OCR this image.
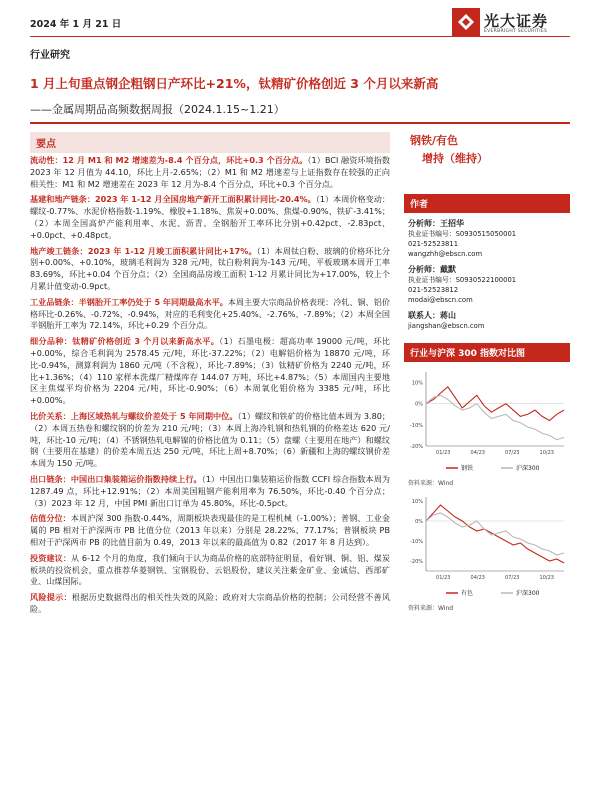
2024 年 1 月 21 日	光大证券
EVERBRIGHT SECURITIES
行业研究
1 月上旬重点钢企粗钢日产环比+21%，钛精矿价格创近 3 个月以来新高
——金属周期品高频数据周报（2024.1.15~1.21）
要点
流动性：12 月 M1 和 M2 增速差为-8.4 个百分点，环比+0.3 个百分点。（1）BCI 融资环境指数 2023 年 12 月值为 44.10，环比上月-2.65%；（2）M1 和 M2 增速差与上证指数存在较强的正向相关性：M1 和 M2 增速差在 2023 年 12 月为-8.4 个百分点，环比+0.3 个百分点。
基建和地产链条：2023 年 1-12 月全国房地产新开工面积累计同比-20.4%。（1）本周价格变动：螺纹-0.77%、水泥价格指数-1.19%、橡胶+1.18%、焦炭+0.00%、焦煤-0.90%、铁矿-3.41%；（2）本周全国高炉产能利用率、水泥、沥青、全钢胎开工率环比分别+0.42pct、-2.83pct、+0.0pct、+0.48pct。
地产竣工链条：2023 年 1-12 月竣工面积累计同比+17%。（1）本周钛白粉、玻璃的价格环比分别+0.00%、+0.10%，玻璃毛利润为 328 元/吨，钛白粉利润为-143 元/吨，平板玻璃本周开工率 83.69%，环比+0.04 个百分点；（2）全国商品房竣工面积 1-12 月累计同比为+17.00%，较上个月累计值变动-0.9pct。
工业品链条：半钢胎开工率仍处于 5 年同期最高水平。本周主要大宗商品价格表现：冷轧、铜、铝价格环比-0.26%、-0.72%、-0.94%，对应的毛利变化+25.40%、-2.76%、-7.89%；（2）本周全国半钢胎开工率为 72.14%，环比+0.29 个百分点。
细分品种：钛精矿价格创近 3 个月以来新高水平。（1）石墨电极：超高功率 19000 元/吨，环比+0.00%，综合毛利润为 2578.45 元/吨，环比-37.22%；（2）电解铝价格为 18870 元/吨，环比-0.94%，测算利润为 1860 元/吨（不含税），环比-7.89%；（3）钛精矿价格为 2240 元/吨，环比+1.36%；（4）110 家样本洗煤厂精煤库存 144.07 万吨，环比+4.87%；（5）本周国内主要地区主焦煤平均价格为 2204 元/吨，环比-0.90%；（6）本周氧化钼价格为 3385 元/吨，环比+0.00%。
比价关系：上海区域热轧与螺纹价差处于 5 年同期中位。（1）螺纹和铁矿的价格比值本周为 3.80；（2）本周五热卷和螺纹钢的价差为 210 元/吨；（3）本周上海冷轧钢和热轧钢的价格差达 620 元/吨，环比-10 元/吨；（4）不锈钢热轧电解镍的价格比值为 0.11；（5）盘螺（主要用在地产）和螺纹钢（主要用在基建）的价差本周五达 250 元/吨，环比上周+8.70%；（6）新疆和上海的螺纹钢价差本周为 150 元/吨。
出口链条：中国出口集装箱运价指数持续上行。（1）中国出口集装箱运价指数 CCFI 综合指数本周为 1287.49 点，环比+12.91%；（2）本周美国粗钢产能利用率为 76.50%，环比-0.40 个百分点；（3）2023 年 12 月，中国 PMI 新出口订单为 45.80%，环比-0.5pct。
估值分位：本周沪深 300 指数-0.44%，周期板块表现最佳的是工程机械（-1.00%）；普钢、工业金属的 PB 相对于沪深两市 PB 比值分位（2013 年以来）分别是 28.22%、77.17%；普钢板块 PB 相对于沪深两市 PB 的比值目前为 0.49，2013 年以来的最高值为 0.82（2017 年 8 月达到）。
投资建议：从 6-12 个月的角度，我们倾向于认为商品价格的底部特征明显，看好钢、铜、铝、煤炭板块的投资机会，重点推荐华菱钢铁、宝钢股份、云铝股份，建议关注紫金矿业、金诚信、西部矿业、山煤国际。
风险提示：根据历史数据得出的相关性失效的风险；政府对大宗商品价格的控制；公司经营不善风险。
钢铁/有色
增持（维持）
作者
分析师：王招华
执业证书编号：S0930515050001
021-52523811
wangzhh@ebscn.com
分析师：戴默
执业证书编号：S0930522100001
021-52523812
modai@ebscn.com
联系人：蒋山
jiangshan@ebscn.com
行业与沪深 300 指数对比图
-20%
-10%
0%
10%
01/23	04/23	07/23	10/23
钢铁	沪深300
资料来源：Wind
-20%
-10%
0%
10%
01/23	04/23	07/23	10/23
有色	沪深300
资料来源：Wind
